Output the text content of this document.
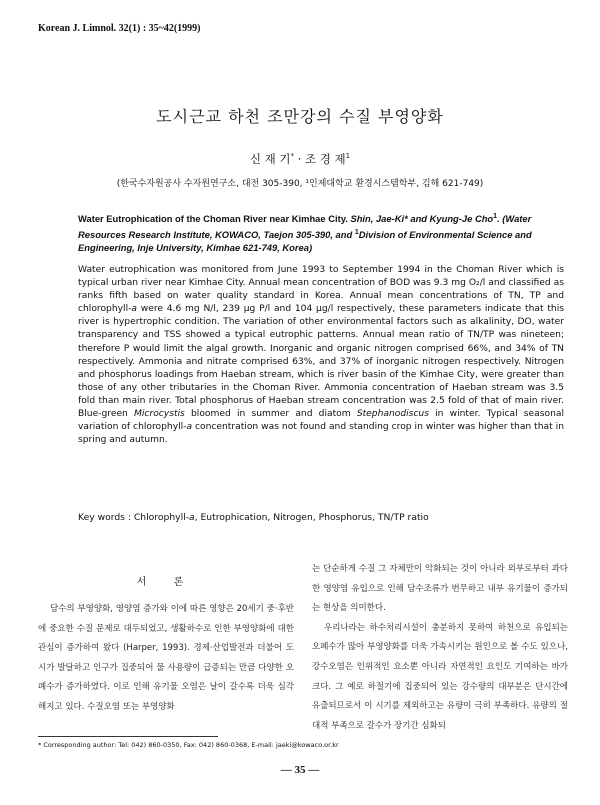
Korean J. Limnol. 32(1) : 35~42(1999)
도시근교 하천 조만강의 수질 부영양화
신 재 기* · 조 경 제$^1$
(한국수자원공사 수자원연구소, 대전 305-390, ¹인제대학교 환경시스템학부, 김해 621-749)
Water Eutrophication of the Choman River near Kimhae City. Shin, Jae-Ki* and Kyung-Je Cho$^1$. (Water Resources Research Institute, KOWACO, Taejon 305-390, and $^1$Division of Environmental Science and Engineering, Inje University, Kimhae 621-749, Korea)
Water eutrophication was monitored from June 1993 to September 1994 in the Choman River which is typical urban river near Kimhae City. Annual mean concentration of BOD was 9.3 mg O₂/l and classified as ranks fifth based on water quality standard in Korea. Annual mean concentrations of TN, TP and chlorophyll-a were 4.6 mg N/l, 239 μg P/l and 104 μg/l respectively, these parameters indicate that this river is hypertrophic condition. The variation of other environmental factors such as alkalinity, DO, water transparency and TSS showed a typical eutrophic patterns. Annual mean ratio of TN/TP was nineteen; therefore P would limit the algal growth. Inorganic and organic nitrogen comprised 66%, and 34% of TN respectively. Ammonia and nitrate comprised 63%, and 37% of inorganic nitrogen respectively. Nitrogen and phosphorus loadings from Haeban stream, which is river basin of the Kimhae City, were greater than those of any other tributaries in the Choman River. Ammonia concentration of Haeban stream was 3.5 fold than main river. Total phosphorus of Haeban stream concentration was 2.5 fold of that of main river. Blue-green Microcystis bloomed in summer and diatom Stephanodiscus in winter. Typical seasonal variation of chlorophyll-a concentration was not found and standing crop in winter was higher than that in spring and autumn.
Key words : Chlorophyll-a, Eutrophication, Nitrogen, Phosphorus, TN/TP ratio
서 론
담수의 부영양화, 영양염 증가와 이에 따른 영향은 20세기 중·후반에 중요한 수질 문제로 대두되었고, 생활하수로 인한 부영양화에 대한 관심이 증가하여 왔다 (Harper, 1993). 경제·산업발전과 더불어 도시가 발달하고 인구가 집중되어 물 사용량이 급증되는 만큼 다양한 오폐수가 증가하였다. 이로 인해 유기물 오염은 날이 갈수록 더욱 심각해지고 있다. 수질오염 또는 부영양화

는 단순하게 수질 그 자체만이 악화되는 것이 아니라 외부로부터 과다한 영양염 유입으로 인해 담수조류가 번무하고 내부 유기물이 증가되는 현상을 의미한다.

우리나라는 하수처리시설이 충분하지 못하여 하천으로 유입되는 오폐수가 많아 부영양화를 더욱 가속시키는 원인으로 볼 수도 있으나, 강수오염은 인위적인 요소뿐 아니라 자연적인 요인도 기여하는 바가 크다. 그 예로 하절기에 집중되어 있는 강수량의 대부분은 단시간에 유출되므로서 이 시기를 제외하고는 유량이 극히 부족하다. 유량의 절대적 부족으로 갈수가 장기간 심화되

* Corresponding author: Tel: 042) 860-0350, Fax: 042) 860-0368, E-mail: jaeki@kowaco.or.kr
— 35 —
